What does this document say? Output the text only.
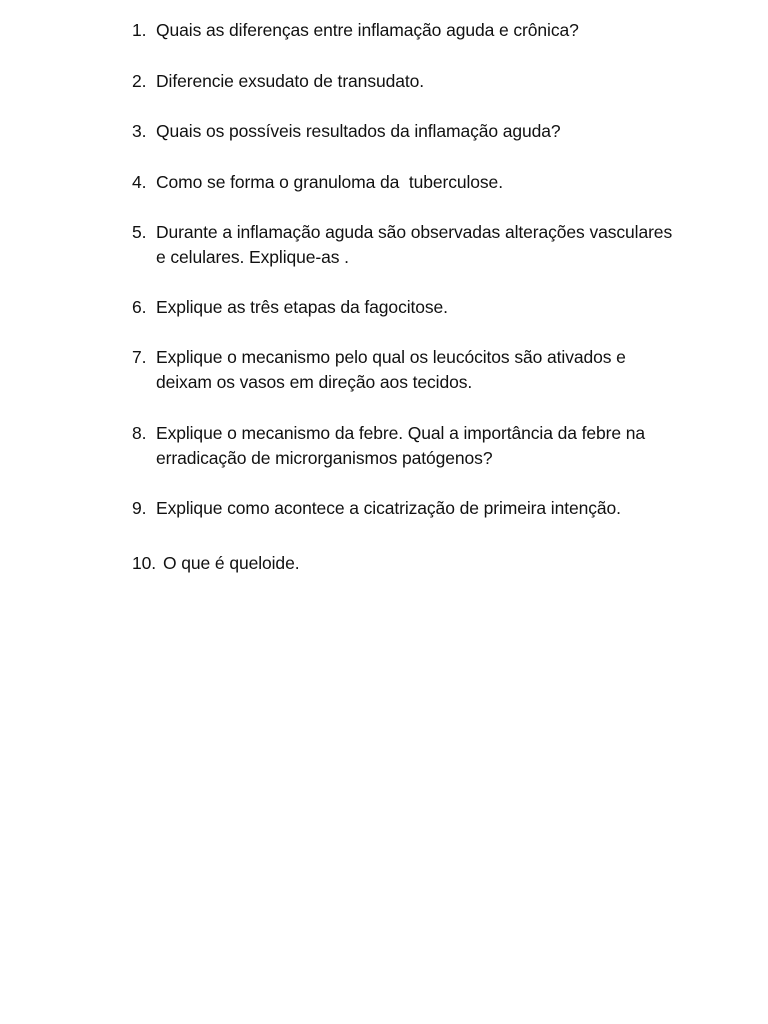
1. Quais as diferenças entre inflamação aguda e crônica?
2. Diferencie exsudato de transudato.
3. Quais os possíveis resultados da inflamação aguda?
4. Como se forma o granuloma da  tuberculose.
5. Durante a inflamação aguda são observadas alterações vasculares
e celulares. Explique-as .
6. Explique as três etapas da fagocitose.
7. Explique o mecanismo pelo qual os leucócitos são ativados e
deixam os vasos em direção aos tecidos.
8. Explique o mecanismo da febre. Qual a importância da febre na
erradicação de microrganismos patógenos?
9. Explique como acontece a cicatrização de primeira intenção.
10. O que é queloide.
